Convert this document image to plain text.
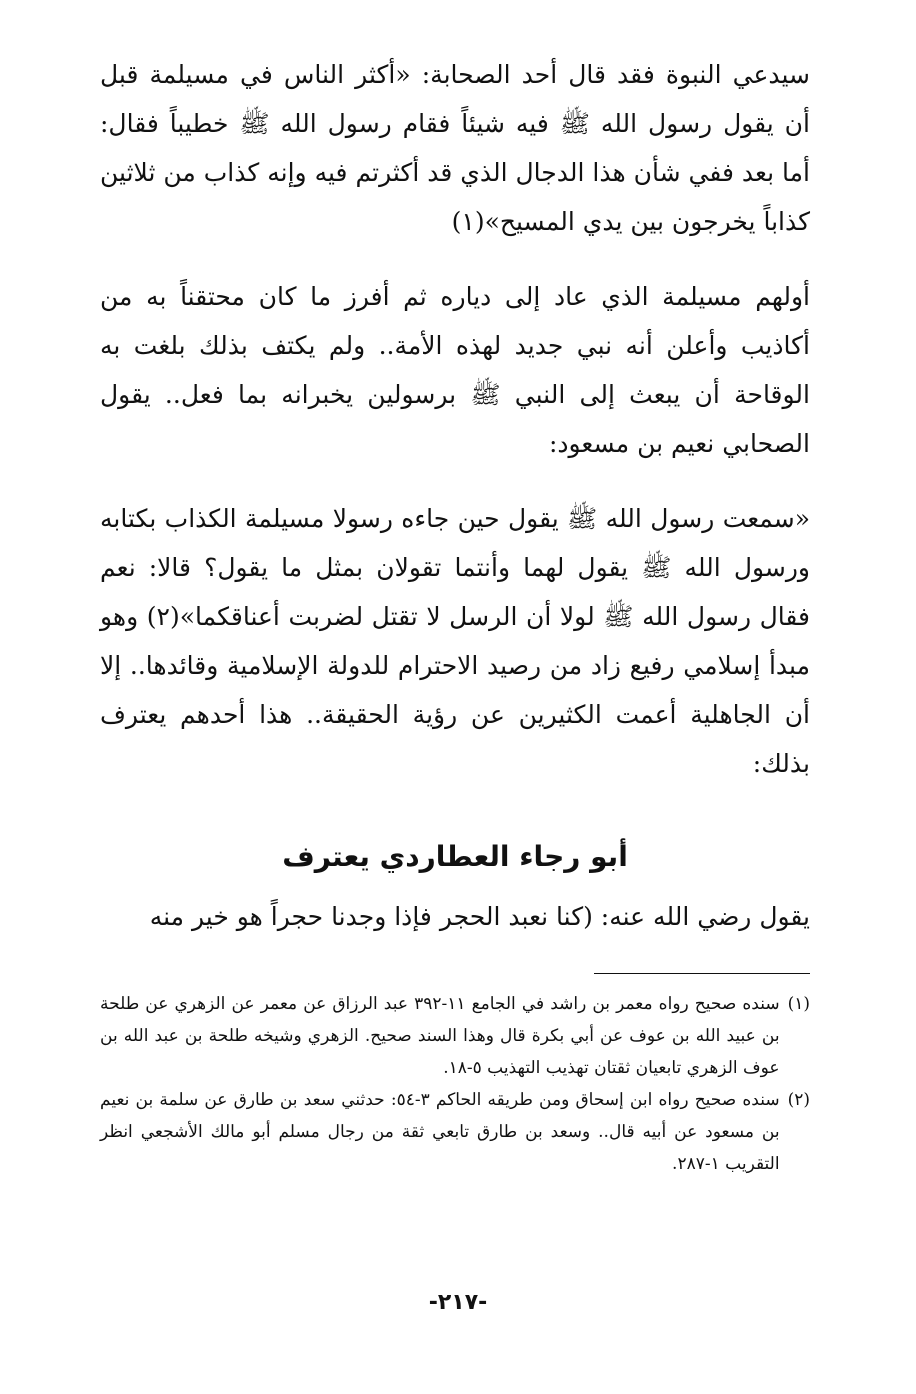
سيدعي النبوة فقد قال أحد الصحابة: «أكثر الناس في مسيلمة قبل أن يقول رسول الله ﷺ فيه شيئاً فقام رسول الله ﷺ خطيباً فقال: أما بعد ففي شأن هذا الدجال الذي قد أكثرتم فيه وإنه كذاب من ثلاثين كذاباً يخرجون بين يدي المسيح»(١)

أولهم مسيلمة الذي عاد إلى دياره ثم أفرز ما كان محتقناً به من أكاذيب وأعلن أنه نبي جديد لهذه الأمة.. ولم يكتف بذلك بلغت به الوقاحة أن يبعث إلى النبي ﷺ برسولين يخبرانه بما فعل.. يقول الصحابي نعيم بن مسعود:

«سمعت رسول الله ﷺ يقول حين جاءه رسولا مسيلمة الكذاب بكتابه ورسول الله ﷺ يقول لهما وأنتما تقولان بمثل ما يقول؟ قالا: نعم فقال رسول الله ﷺ لولا أن الرسل لا تقتل لضربت أعناقكما»(٢) وهو مبدأ إسلامي رفيع زاد من رصيد الاحترام للدولة الإسلامية وقائدها.. إلا أن الجاهلية أعمت الكثيرين عن رؤية الحقيقة.. هذا أحدهم يعترف بذلك:

أبو رجاء العطاردي يعترف

يقول رضي الله عنه: (كنا نعبد الحجر فإذا وجدنا حجراً هو خير منه

(١)
سنده صحيح رواه معمر بن راشد في الجامع ١١-٣٩٢ عبد الرزاق عن معمر عن الزهري عن طلحة بن عبيد الله بن عوف عن أبي بكرة قال وهذا السند صحيح. الزهري وشيخه طلحة بن عبد الله بن عوف الزهري تابعيان ثقتان تهذيب التهذيب ٥-١٨.
(٢)
سنده صحيح رواه ابن إسحاق ومن طريقه الحاكم ٣-٥٤: حدثني سعد بن طارق عن سلمة بن نعيم بن مسعود عن أبيه قال.. وسعد بن طارق تابعي ثقة من رجال مسلم أبو مالك الأشجعي انظر التقريب ١-٢٨٧.
-٢١٧-
